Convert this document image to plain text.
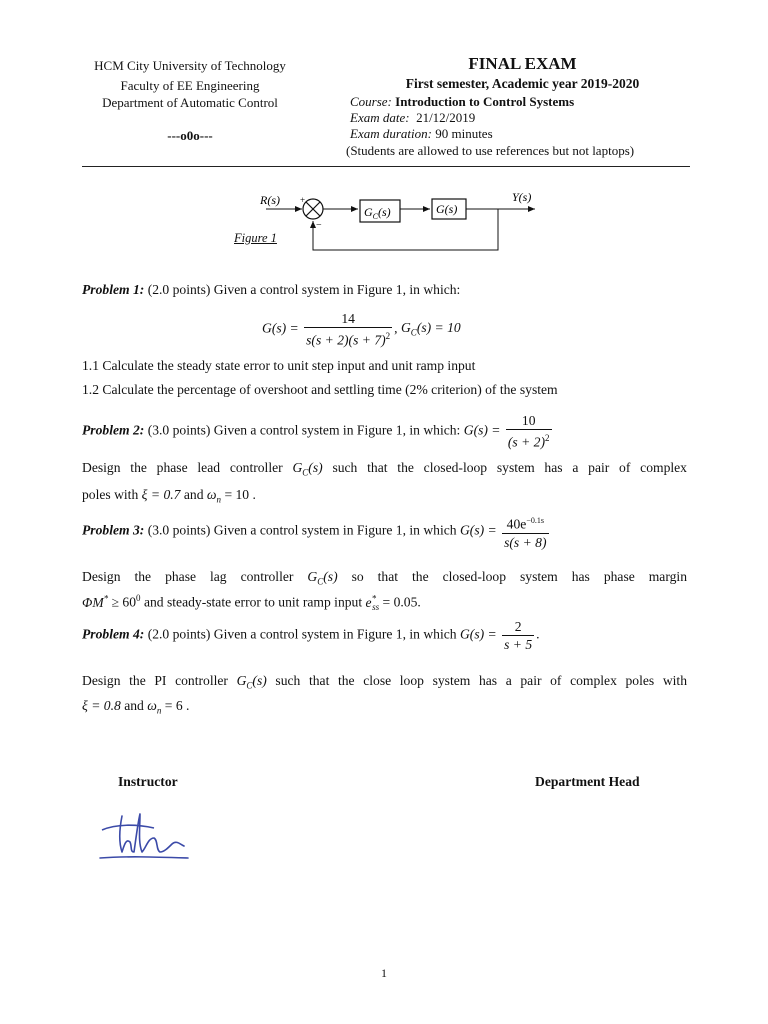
HCM City University of Technology
Faculty of EE Engineering
Department of Automatic Control
---o0o---
FINAL EXAM
First semester, Academic year 2019-2020
Course: Introduction to Control Systems
Exam date: 21/12/2019
Exam duration: 90 minutes
(Students are allowed to use references but not laptops)
R(s) +
−
$G_C(s)$	G(s)
Y(s)
Figure 1
Problem 1: (2.0 points) Given a control system in Figure 1, in which:
$G(s) = \frac{14}{s(s + 2)(s + 7)^2}$ , $G_C(s) = 10$
1.1 Calculate the steady state error to unit step input and unit ramp input
1.2 Calculate the percentage of overshoot and settling time (2% criterion) of the system
Problem 2: (3.0 points) Given a control system in Figure 1, in which: $G(s) = \frac{10}{(s + 2)^2}$
Design the phase lead controller $G_C(s)$ such that the closed-loop system has a pair of complex
poles with ξ = 0.7 and $\omega_n = 10$ .
Problem 3: (3.0 points) Given a control system in Figure 1, in which $G(s) = \frac{40e^{-0.1s}}{s(s + 8)}$
Design the phase lag controller $G_C(s)$ so that the closed-loop system has phase margin
$\Phi M^* \ge 60^0$ and steady-state error to unit ramp input $e^*_{ss} = 0.05$.
Problem 4: (2.0 points) Given a control system in Figure 1, in which $G(s) = \frac{2}{s + 5}$ .
Design the PI controller $G_C(s)$ such that the close loop system has a pair of complex poles with
ξ = 0.8 and $\omega_n = 6$ .
Instructor	Department Head
1
